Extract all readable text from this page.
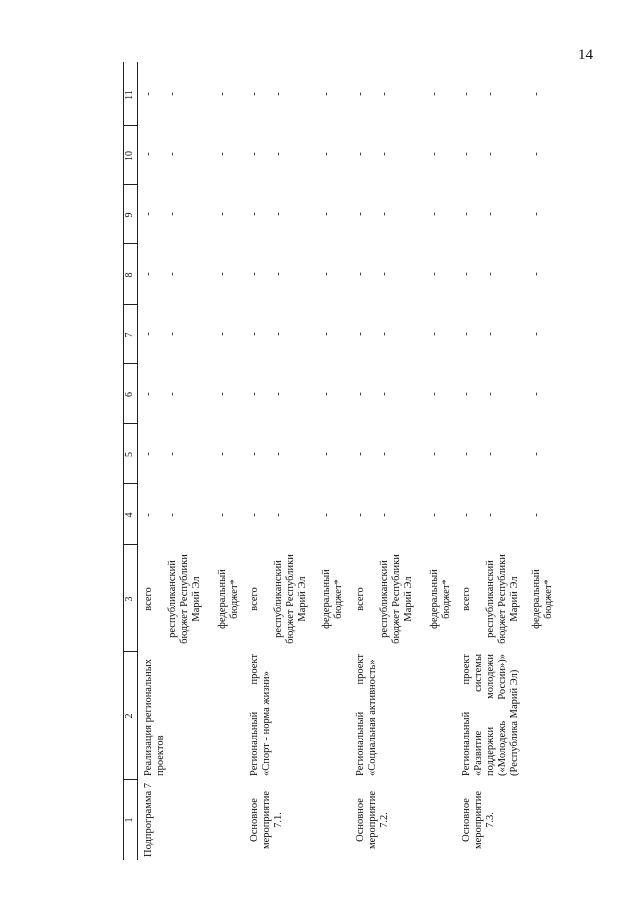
14
1
2
3
4
5
6
7
8
9
10
11
Подпрограмма 7
Реализация региональных проектов
всего республиканский бюджет Республики Марий Эл федеральный бюджет*
Основное мероприятие 7.1.
Региональный проект «Спорт - норма жизни»
всего республиканский бюджет Республики Марий Эл федеральный бюджет*
Основное мероприятие 7.2.
Региональный проект «Социальная активность»
всего республиканский бюджет Республики Марий Эл федеральный бюджет*
Основное мероприятие 7.3.
Региональный проект «Развитие системы поддержки молодежи («Молодежь России»)» (Республика Марий Эл)
всего республиканский бюджет Республики Марий Эл федеральный бюджет*
-
-
-
-
-
-
-
-
-
-
-
-
-
-
-
-
-
-
-
-
-
-
-
-
-
-
-
-
-
-
-
-
-
-
-
-
-
-
-
-
-
-
-
-
-
-
-
-
-
-
-
-
-
-
-
-
-
-
-
-
-
-
-
-
-
-
-
-
-
-
-
-
-
-
-
-
-
-
-
-
-
-
-
-
-
-
-
-
-
-
-
-
-
-
-
-
